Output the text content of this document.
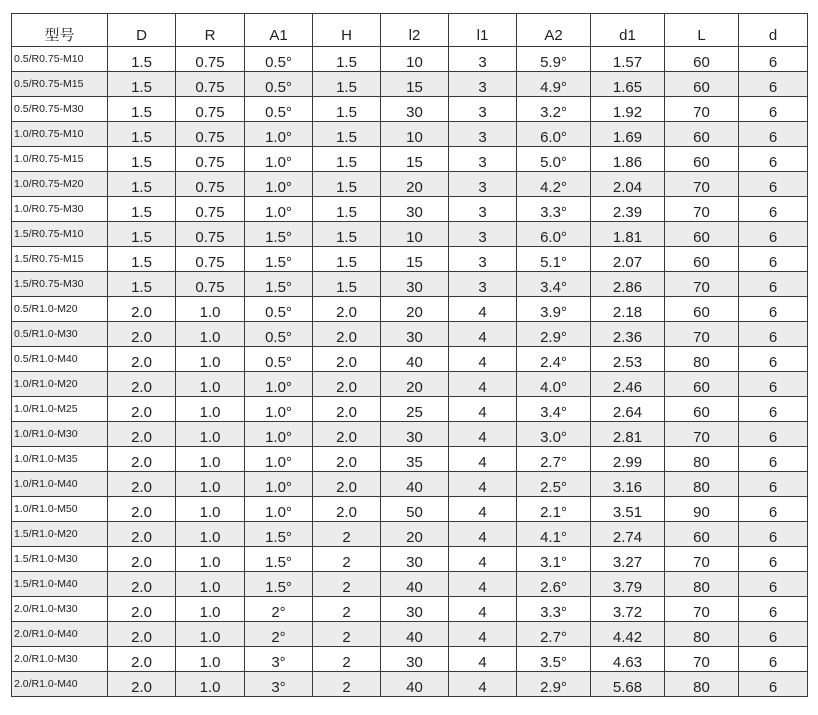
型号	D	R	A1	H	l2	l1	A2	d1	L	d
0.5/R0.75-M10	1.5	0.75	0.5°	1.5	10	3	5.9°	1.57	60	6
0.5/R0.75-M15	1.5	0.75	0.5°	1.5	15	3	4.9°	1.65	60	6
0.5/R0.75-M30	1.5	0.75	0.5°	1.5	30	3	3.2°	1.92	70	6
1.0/R0.75-M10	1.5	0.75	1.0°	1.5	10	3	6.0°	1.69	60	6
1.0/R0.75-M15	1.5	0.75	1.0°	1.5	15	3	5.0°	1.86	60	6
1.0/R0.75-M20	1.5	0.75	1.0°	1.5	20	3	4.2°	2.04	70	6
1.0/R0.75-M30	1.5	0.75	1.0°	1.5	30	3	3.3°	2.39	70	6
1.5/R0.75-M10	1.5	0.75	1.5°	1.5	10	3	6.0°	1.81	60	6
1.5/R0.75-M15	1.5	0.75	1.5°	1.5	15	3	5.1°	2.07	60	6
1.5/R0.75-M30	1.5	0.75	1.5°	1.5	30	3	3.4°	2.86	70	6
0.5/R1.0-M20	2.0	1.0	0.5°	2.0	20	4	3.9°	2.18	60	6
0.5/R1.0-M30	2.0	1.0	0.5°	2.0	30	4	2.9°	2.36	70	6
0.5/R1.0-M40	2.0	1.0	0.5°	2.0	40	4	2.4°	2.53	80	6
1.0/R1.0-M20	2.0	1.0	1.0°	2.0	20	4	4.0°	2.46	60	6
1.0/R1.0-M25	2.0	1.0	1.0°	2.0	25	4	3.4°	2.64	60	6
1.0/R1.0-M30	2.0	1.0	1.0°	2.0	30	4	3.0°	2.81	70	6
1.0/R1.0-M35	2.0	1.0	1.0°	2.0	35	4	2.7°	2.99	80	6
1.0/R1.0-M40	2.0	1.0	1.0°	2.0	40	4	2.5°	3.16	80	6
1.0/R1.0-M50	2.0	1.0	1.0°	2.0	50	4	2.1°	3.51	90	6
1.5/R1.0-M20	2.0	1.0	1.5°	2	20	4	4.1°	2.74	60	6
1.5/R1.0-M30	2.0	1.0	1.5°	2	30	4	3.1°	3.27	70	6
1.5/R1.0-M40	2.0	1.0	1.5°	2	40	4	2.6°	3.79	80	6
2.0/R1.0-M30	2.0	1.0	2°	2	30	4	3.3°	3.72	70	6
2.0/R1.0-M40	2.0	1.0	2°	2	40	4	2.7°	4.42	80	6
2.0/R1.0-M30	2.0	1.0	3°	2	30	4	3.5°	4.63	70	6
2.0/R1.0-M40	2.0	1.0	3°	2	40	4	2.9°	5.68	80	6
